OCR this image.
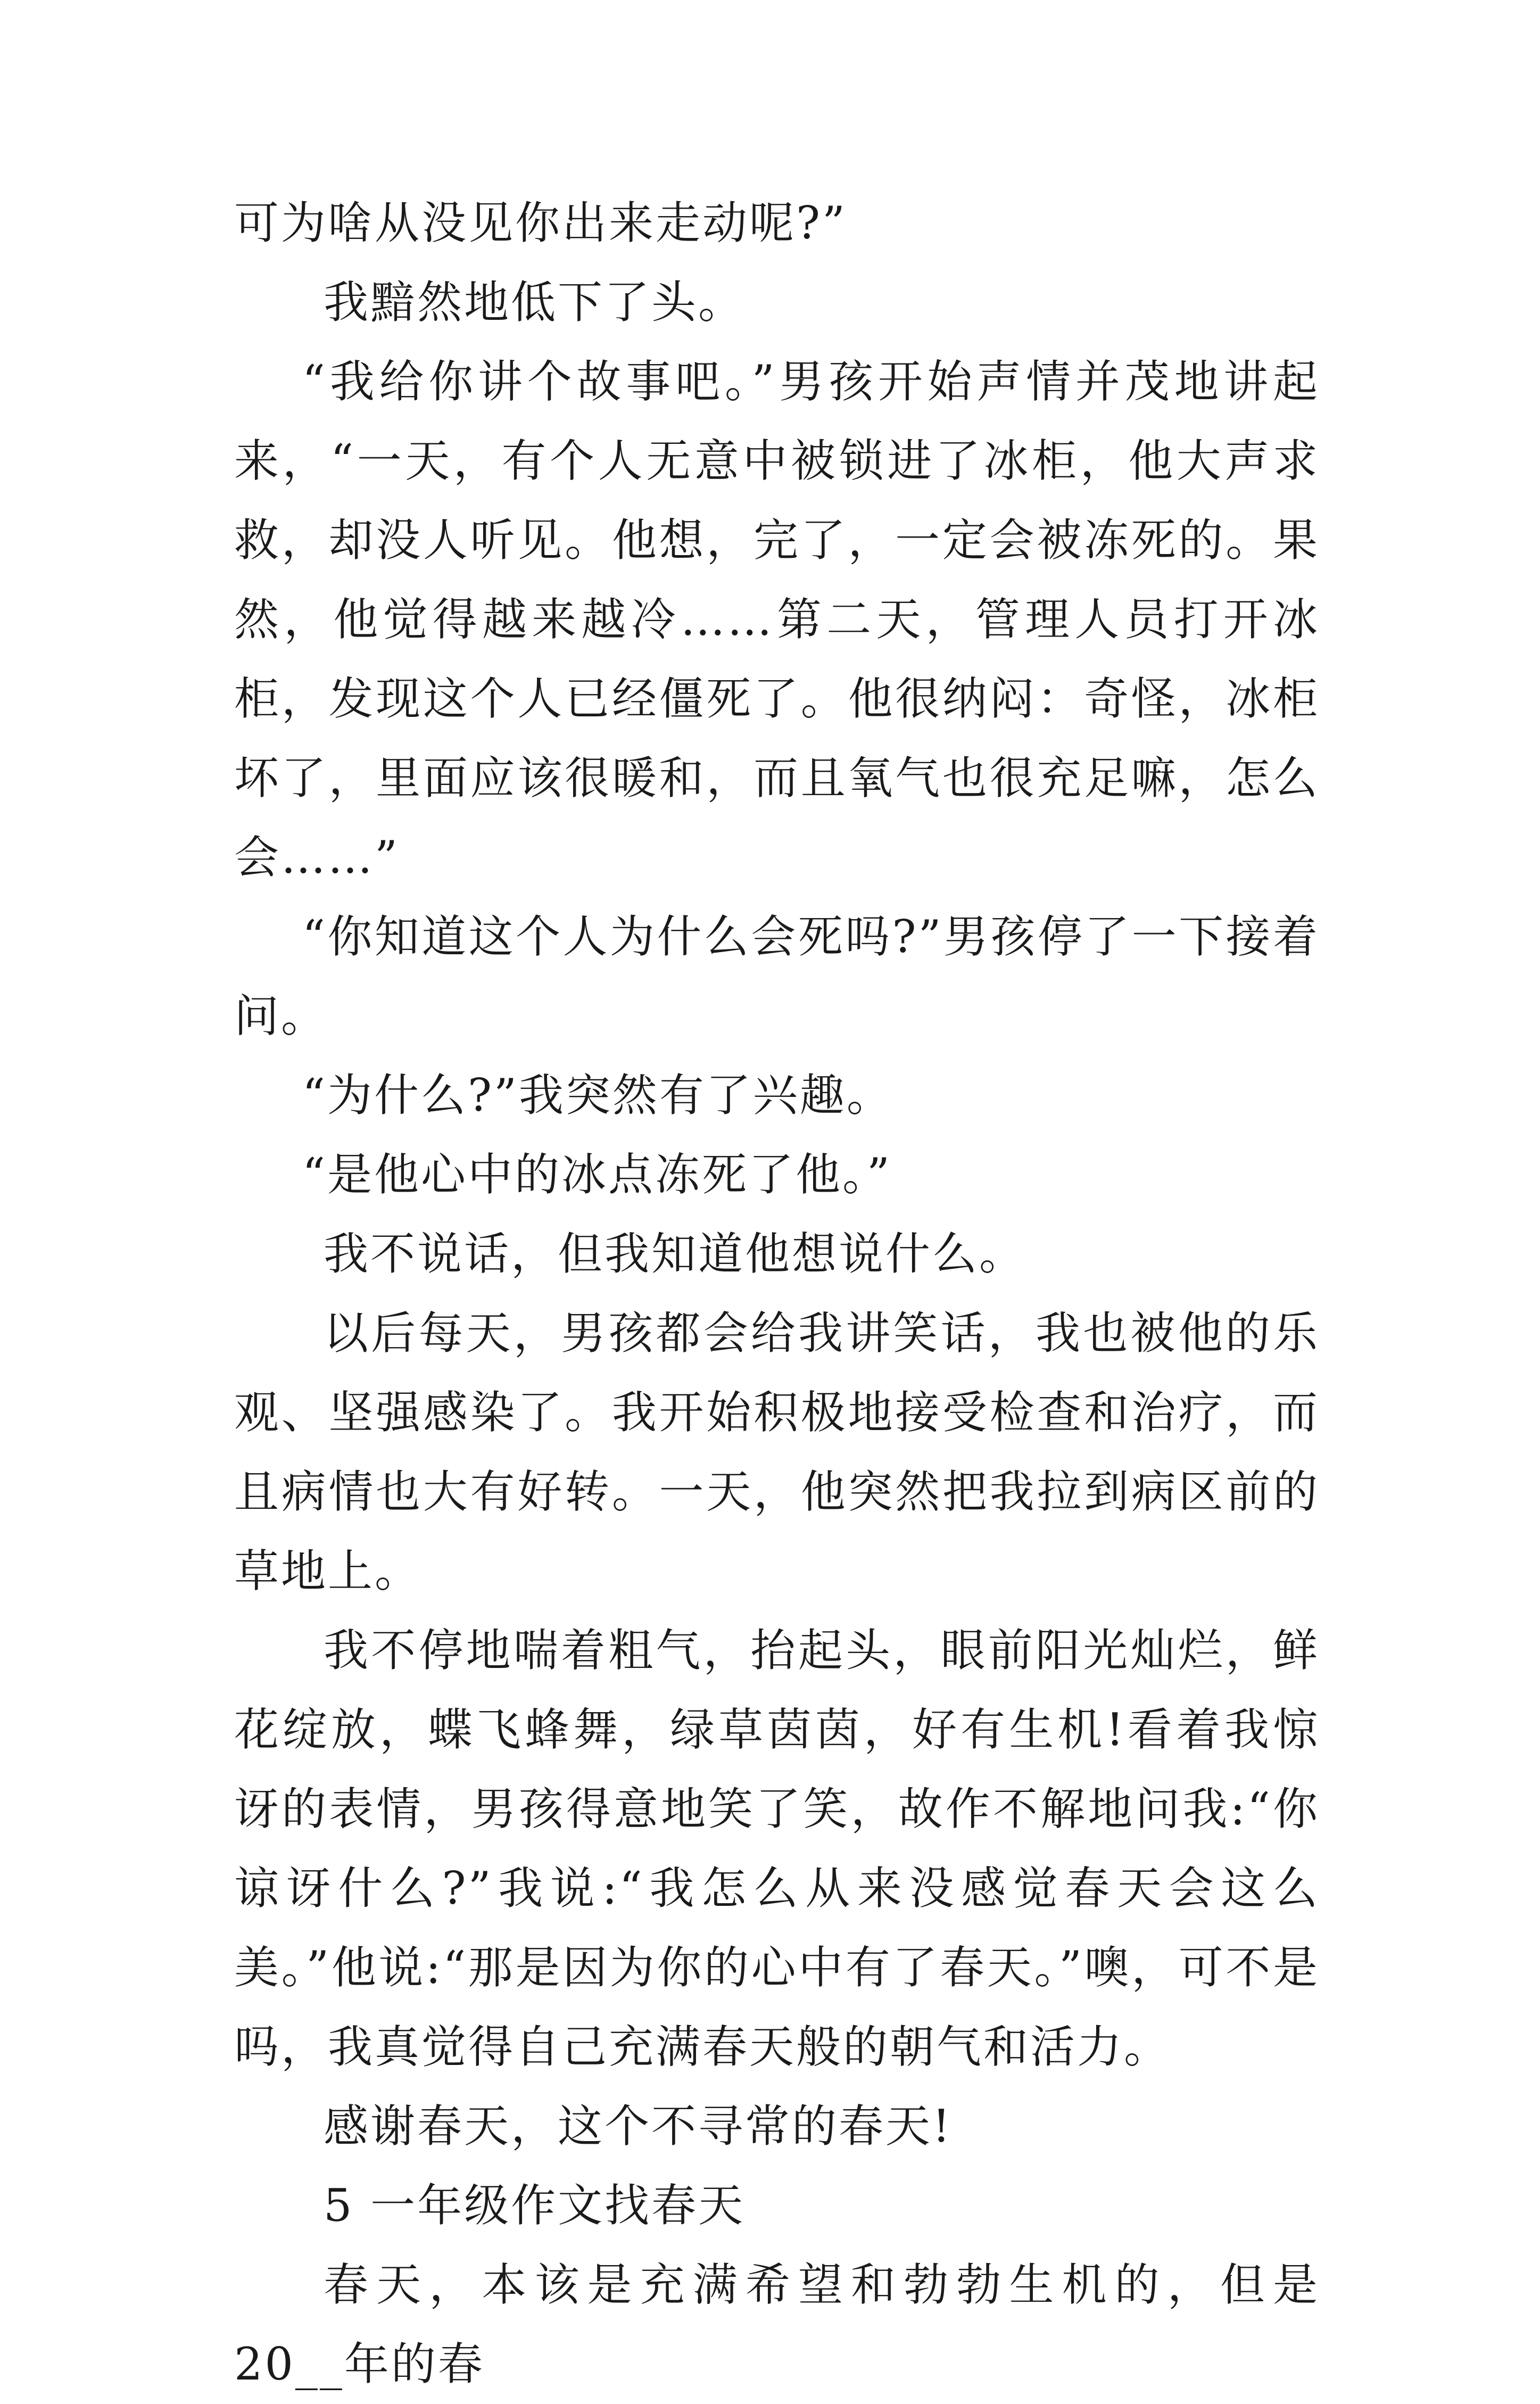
可为啥从没见你出来走动呢?”

我黯然地低下了头。

“我给你讲个故事吧。”男孩开始声情并茂地讲起来，“一天，有个人无意中被锁进了冰柜，他大声求救，却没人听见。他想，完了，一定会被冻死的。果然，他觉得越来越冷……第二天，管理人员打开冰柜，发现这个人已经僵死了。他很纳闷：奇怪，冰柜坏了，里面应该很暖和，而且氧气也很充足嘛，怎么会……”

“你知道这个人为什么会死吗?”男孩停了一下接着问。

“为什么?”我突然有了兴趣。

“是他心中的冰点冻死了他。”

我不说话，但我知道他想说什么。

以后每天，男孩都会给我讲笑话，我也被他的乐观、坚强感染了。我开始积极地接受检查和治疗，而且病情也大有好转。一天，他突然把我拉到病区前的草地上。

我不停地喘着粗气，抬起头，眼前阳光灿烂，鲜花绽放，蝶飞蜂舞，绿草茵茵，好有生机!看着我惊讶的表情，男孩得意地笑了笑，故作不解地问我:“你谅讶什么?”我说:“我怎么从来没感觉春天会这么美。”他说:“那是因为你的心中有了春天。”噢，可不是吗，我真觉得自己充满春天般的朝气和活力。

感谢春天，这个不寻常的春天!

5 一年级作文找春天

春天，本该是充满希望和勃勃生机的，但是20__年的春
